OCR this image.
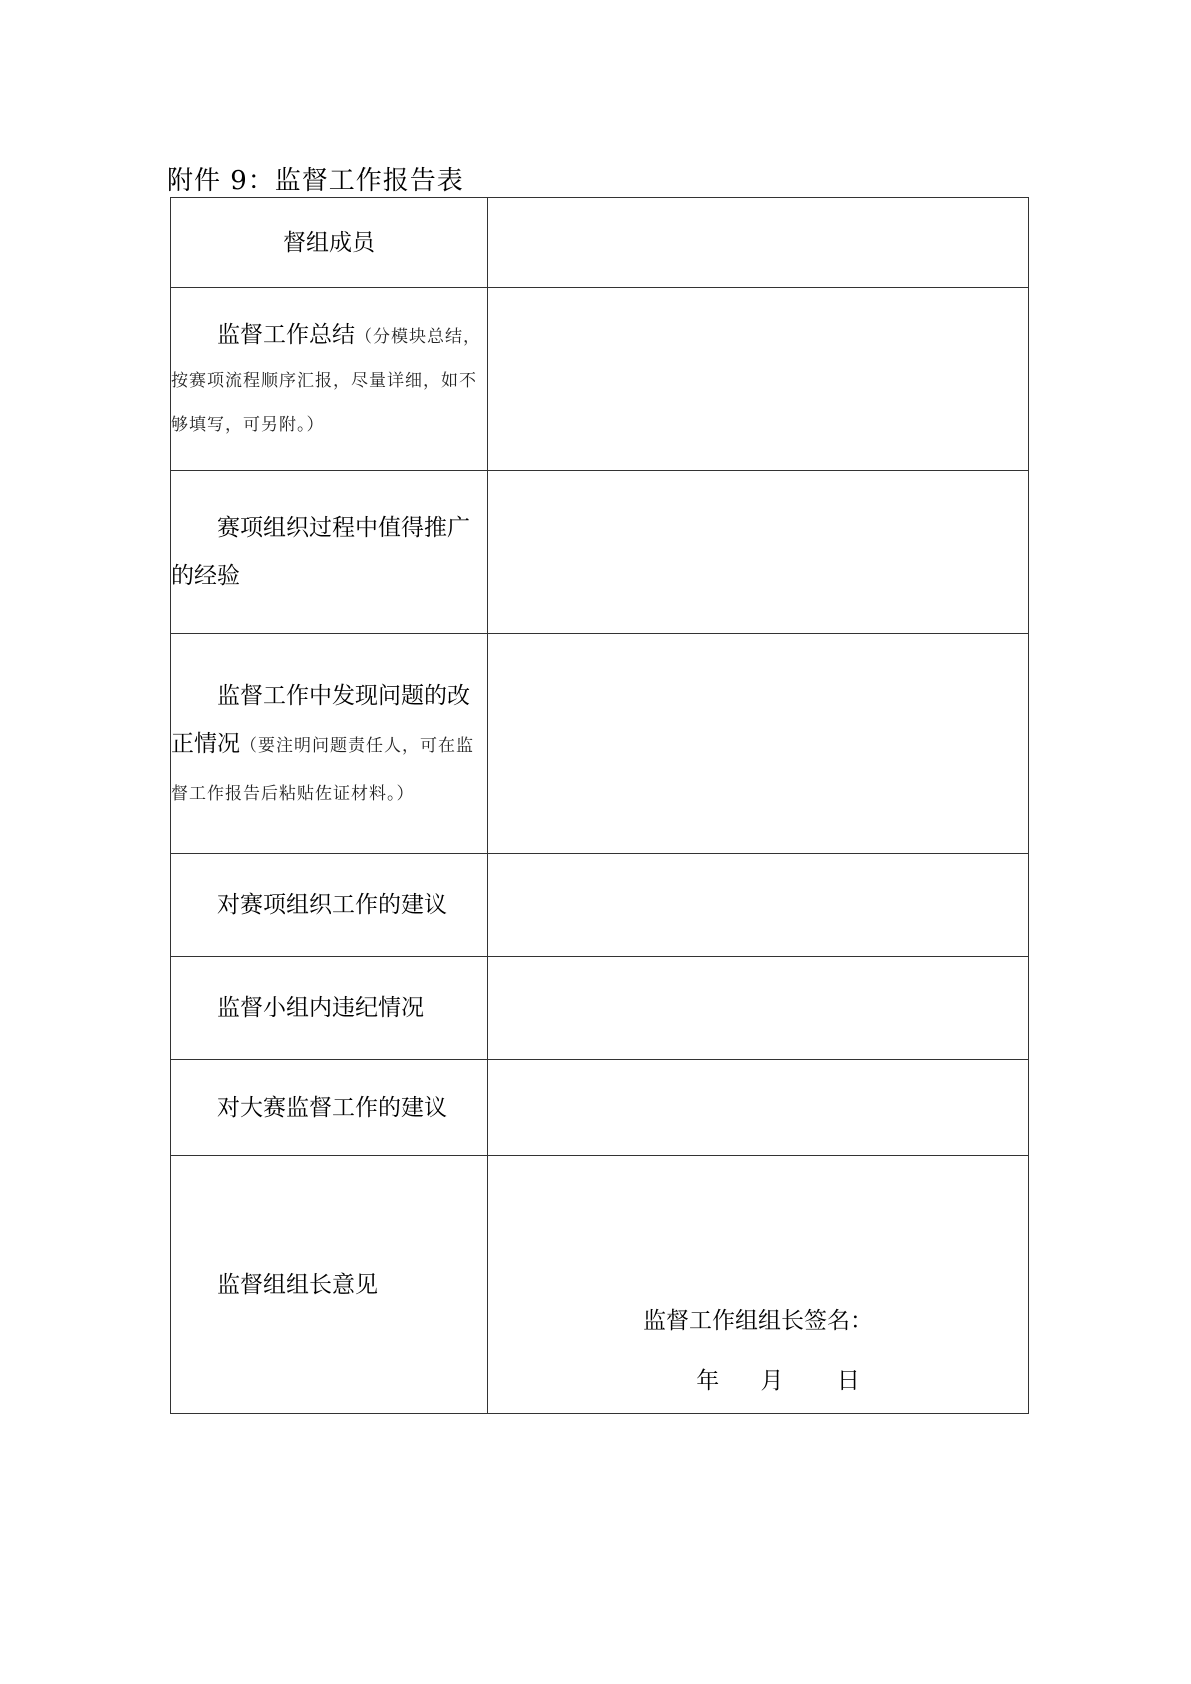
附件 9：监督工作报告表
督组成员	

监督工作总结（分模块总结，按赛项流程顺序汇报，尽量详细，如不够填写，可另附。）	

赛项组织过程中值得推广的经验	

监督工作中发现问题的改正情况（要注明问题责任人，可在监督工作报告后粘贴佐证材料。）	

对赛项组织工作的建议	

监督小组内违纪情况	

对大赛监督工作的建议	

监督组组长意见	监督工作组组长签名：
年 月 日
